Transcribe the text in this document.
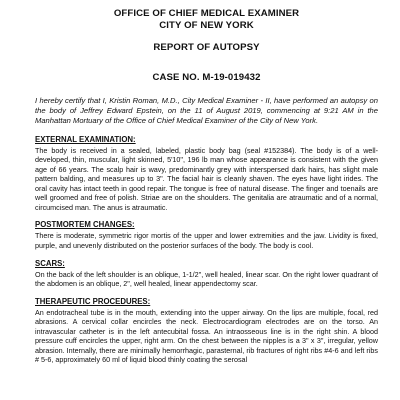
OFFICE OF CHIEF MEDICAL EXAMINER
CITY OF NEW YORK
REPORT OF AUTOPSY
CASE NO. M-19-019432
I hereby certify that I, Kristin Roman, M.D., City Medical Examiner - II, have performed an autopsy on the body of Jeffrey Edward Epstein, on the 11 of August 2019, commencing at 9:21 AM in the Manhattan Mortuary of the Office of Chief Medical Examiner of the City of New York.
EXTERNAL EXAMINATION:
The body is received in a sealed, labeled, plastic body bag (seal #152384). The body is of a well-developed, thin, muscular, light skinned, 5'10", 196 lb man whose appearance is consistent with the given age of 66 years. The scalp hair is wavy, predominantly grey with interspersed dark hairs, has slight male pattern balding, and measures up to 3". The facial hair is cleanly shaven. The eyes have light irides. The oral cavity has intact teeth in good repair. The tongue is free of natural disease. The finger and toenails are well groomed and free of polish. Striae are on the shoulders. The genitalia are atraumatic and of a normal, circumcised man. The anus is atraumatic.
POSTMORTEM CHANGES:
There is moderate, symmetric rigor mortis of the upper and lower extremities and the jaw. Lividity is fixed, purple, and unevenly distributed on the posterior surfaces of the body. The body is cool.
SCARS:

On the back of the left shoulder is an oblique, 1-1/2", well healed, linear scar. On the right lower quadrant of the abdomen is an oblique, 2", well healed, linear appendectomy scar.

THERAPEUTIC PROCEDURES:
An endotracheal tube is in the mouth, extending into the upper airway. On the lips are multiple, focal, red abrasions. A cervical collar encircles the neck. Electrocardiogram electrodes are on the torso. An intravascular catheter is in the left antecubital fossa. An intraosseous line is in the right shin. A blood pressure cuff encircles the upper, right arm. On the chest between the nipples is a 3" x 3", irregular, yellow abrasion. Internally, there are minimally hemorrhagic, parasternal, rib fractures of right ribs #4-6 and left ribs # 5-6, approximately 60 ml of liquid blood thinly coating the serosal
